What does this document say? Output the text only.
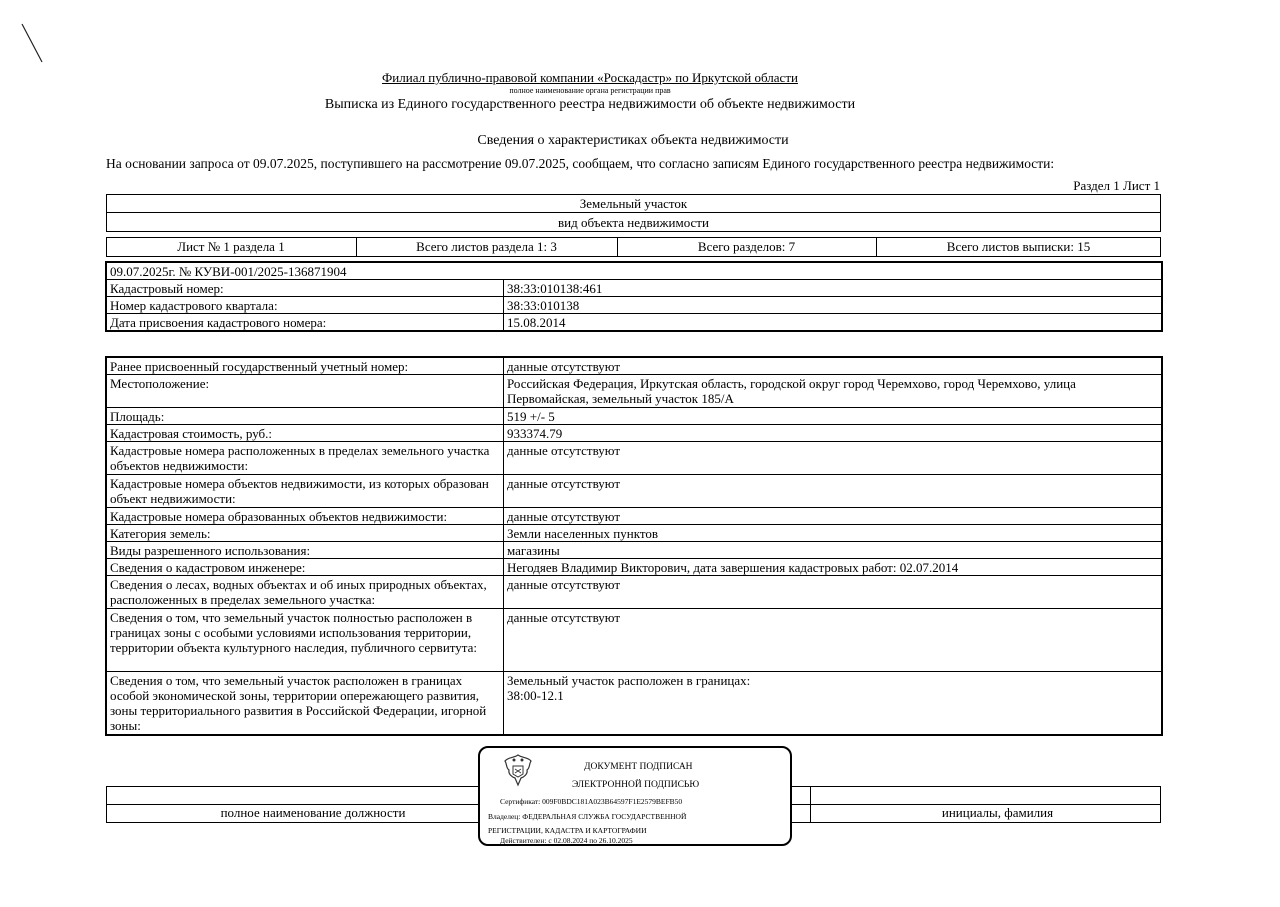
Филиал публично-правовой компании «Роскадастр» по Иркутской области
полное наименование органа регистрации прав
Выписка из Единого государственного реестра недвижимости об объекте недвижимости
Сведения о характеристиках объекта недвижимости
На основании запроса от 09.07.2025, поступившего на рассмотрение 09.07.2025, сообщаем, что согласно записям Единого государственного реестра недвижимости:
Раздел 1 Лист 1
Земельный участок
вид объекта недвижимости
Лист № 1 раздела 1	Всего листов раздела 1: 3	Всего разделов: 7	Всего листов выписки: 15
09.07.2025г. № КУВИ-001/2025-136871904	
Кадастровый номер:	38:33:010138:461
Номер кадастрового квартала:	38:33:010138
Дата присвоения кадастрового номера:	15.08.2014
Ранее присвоенный государственный учетный номер:	данные отсутствуют
Местоположение:	Российская Федерация, Иркутская область, городской округ город Черемхово, город Черемхово, улица Первомайская, земельный участок 185/А
Площадь:	519 +/- 5
Кадастровая стоимость, руб.:	933374.79
Кадастровые номера расположенных в пределах земельного участка объектов недвижимости:	данные отсутствуют
Кадастровые номера объектов недвижимости, из которых образован объект недвижимости:	данные отсутствуют
Кадастровые номера образованных объектов недвижимости:	данные отсутствуют
Категория земель:	Земли населенных пунктов
Виды разрешенного использования:	магазины
Сведения о кадастровом инженере:	Негодяев Владимир Викторович, дата завершения кадастровых работ: 02.07.2014
Сведения о лесах, водных объектах и об иных природных объектах, расположенных в пределах земельного участка:	данные отсутствуют
Сведения о том, что земельный участок полностью расположен в границах зоны с особыми условиями использования территории, территории объекта культурного наследия, публичного сервитута:	данные отсутствуют
Сведения о том, что земельный участок расположен в границах особой экономической зоны, территории опережающего развития, зоны территориального развития в Российской Федерации, игорной зоны:	Земельный участок расположен в границах:
38:00-12.1
полное наименование должности	инициалы, фамилия
ДОКУМЕНТ ПОДПИСАН
ЭЛЕКТРОННОЙ ПОДПИСЬЮ
Сертификат: 009F0BDC181A023B64597F1E2579BEFB50
Владелец: ФЕДЕРАЛЬНАЯ СЛУЖБА ГОСУДАРСТВЕННОЙ
РЕГИСТРАЦИИ, КАДАСТРА И КАРТОГРАФИИ
Действителен: с 02.08.2024 по 26.10.2025
